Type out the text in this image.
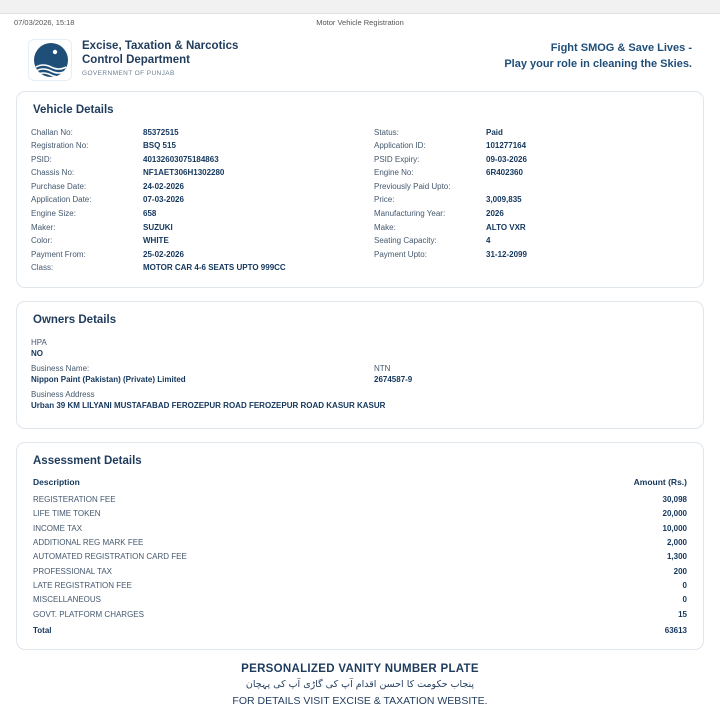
07/03/2026, 15:18	Motor Vehicle Registration
Excise, Taxation & Narcotics
Control Department
GOVERNMENT OF PUNJAB
Fight SMOG & Save Lives -
Play your role in cleaning the Skies.
Vehicle Details
Challan No:	85372515
Registration No:	BSQ 515
PSID:	40132603075184863
Chassis No:	NF1AET306H1302280
Purchase Date:	24-02-2026
Application Date:	07-03-2026
Engine Size:	658
Maker:	SUZUKI
Color:	WHITE
Payment From:	25-02-2026
Class:	MOTOR CAR 4-6 SEATS UPTO 999CC
Status:	Paid
Application ID:	101277164
PSID Expiry:	09-03-2026
Engine No:	6R402360
Previously Paid Upto:
Price:	3,009,835
Manufacturing Year:	2026
Make:	ALTO VXR
Seating Capacity:	4
Payment Upto:	31-12-2099
Owners Details
HPA
NO
Business Name:
Nippon Paint (Pakistan) (Private) Limited
NTN
2674587-9
Business Address
Urban 39 KM LILYANI MUSTAFABAD FEROZEPUR ROAD FEROZEPUR ROAD KASUR KASUR
Assessment Details
Description	Amount (Rs.)
REGISTERATION FEE	30,098
LIFE TIME TOKEN	20,000
INCOME TAX	10,000
ADDITIONAL REG MARK FEE	2,000
AUTOMATED REGISTRATION CARD FEE	1,300
PROFESSIONAL TAX	200
LATE REGISTRATION FEE	0
MISCELLANEOUS	0
GOVT. PLATFORM CHARGES	15
Total	63613
PERSONALIZED VANITY NUMBER PLATE
پنجاب حکومت کا احسن اقدام آپ کی گاڑی آپ کی پہچان
FOR DETAILS VISIT EXCISE & TAXATION WEBSITE.
